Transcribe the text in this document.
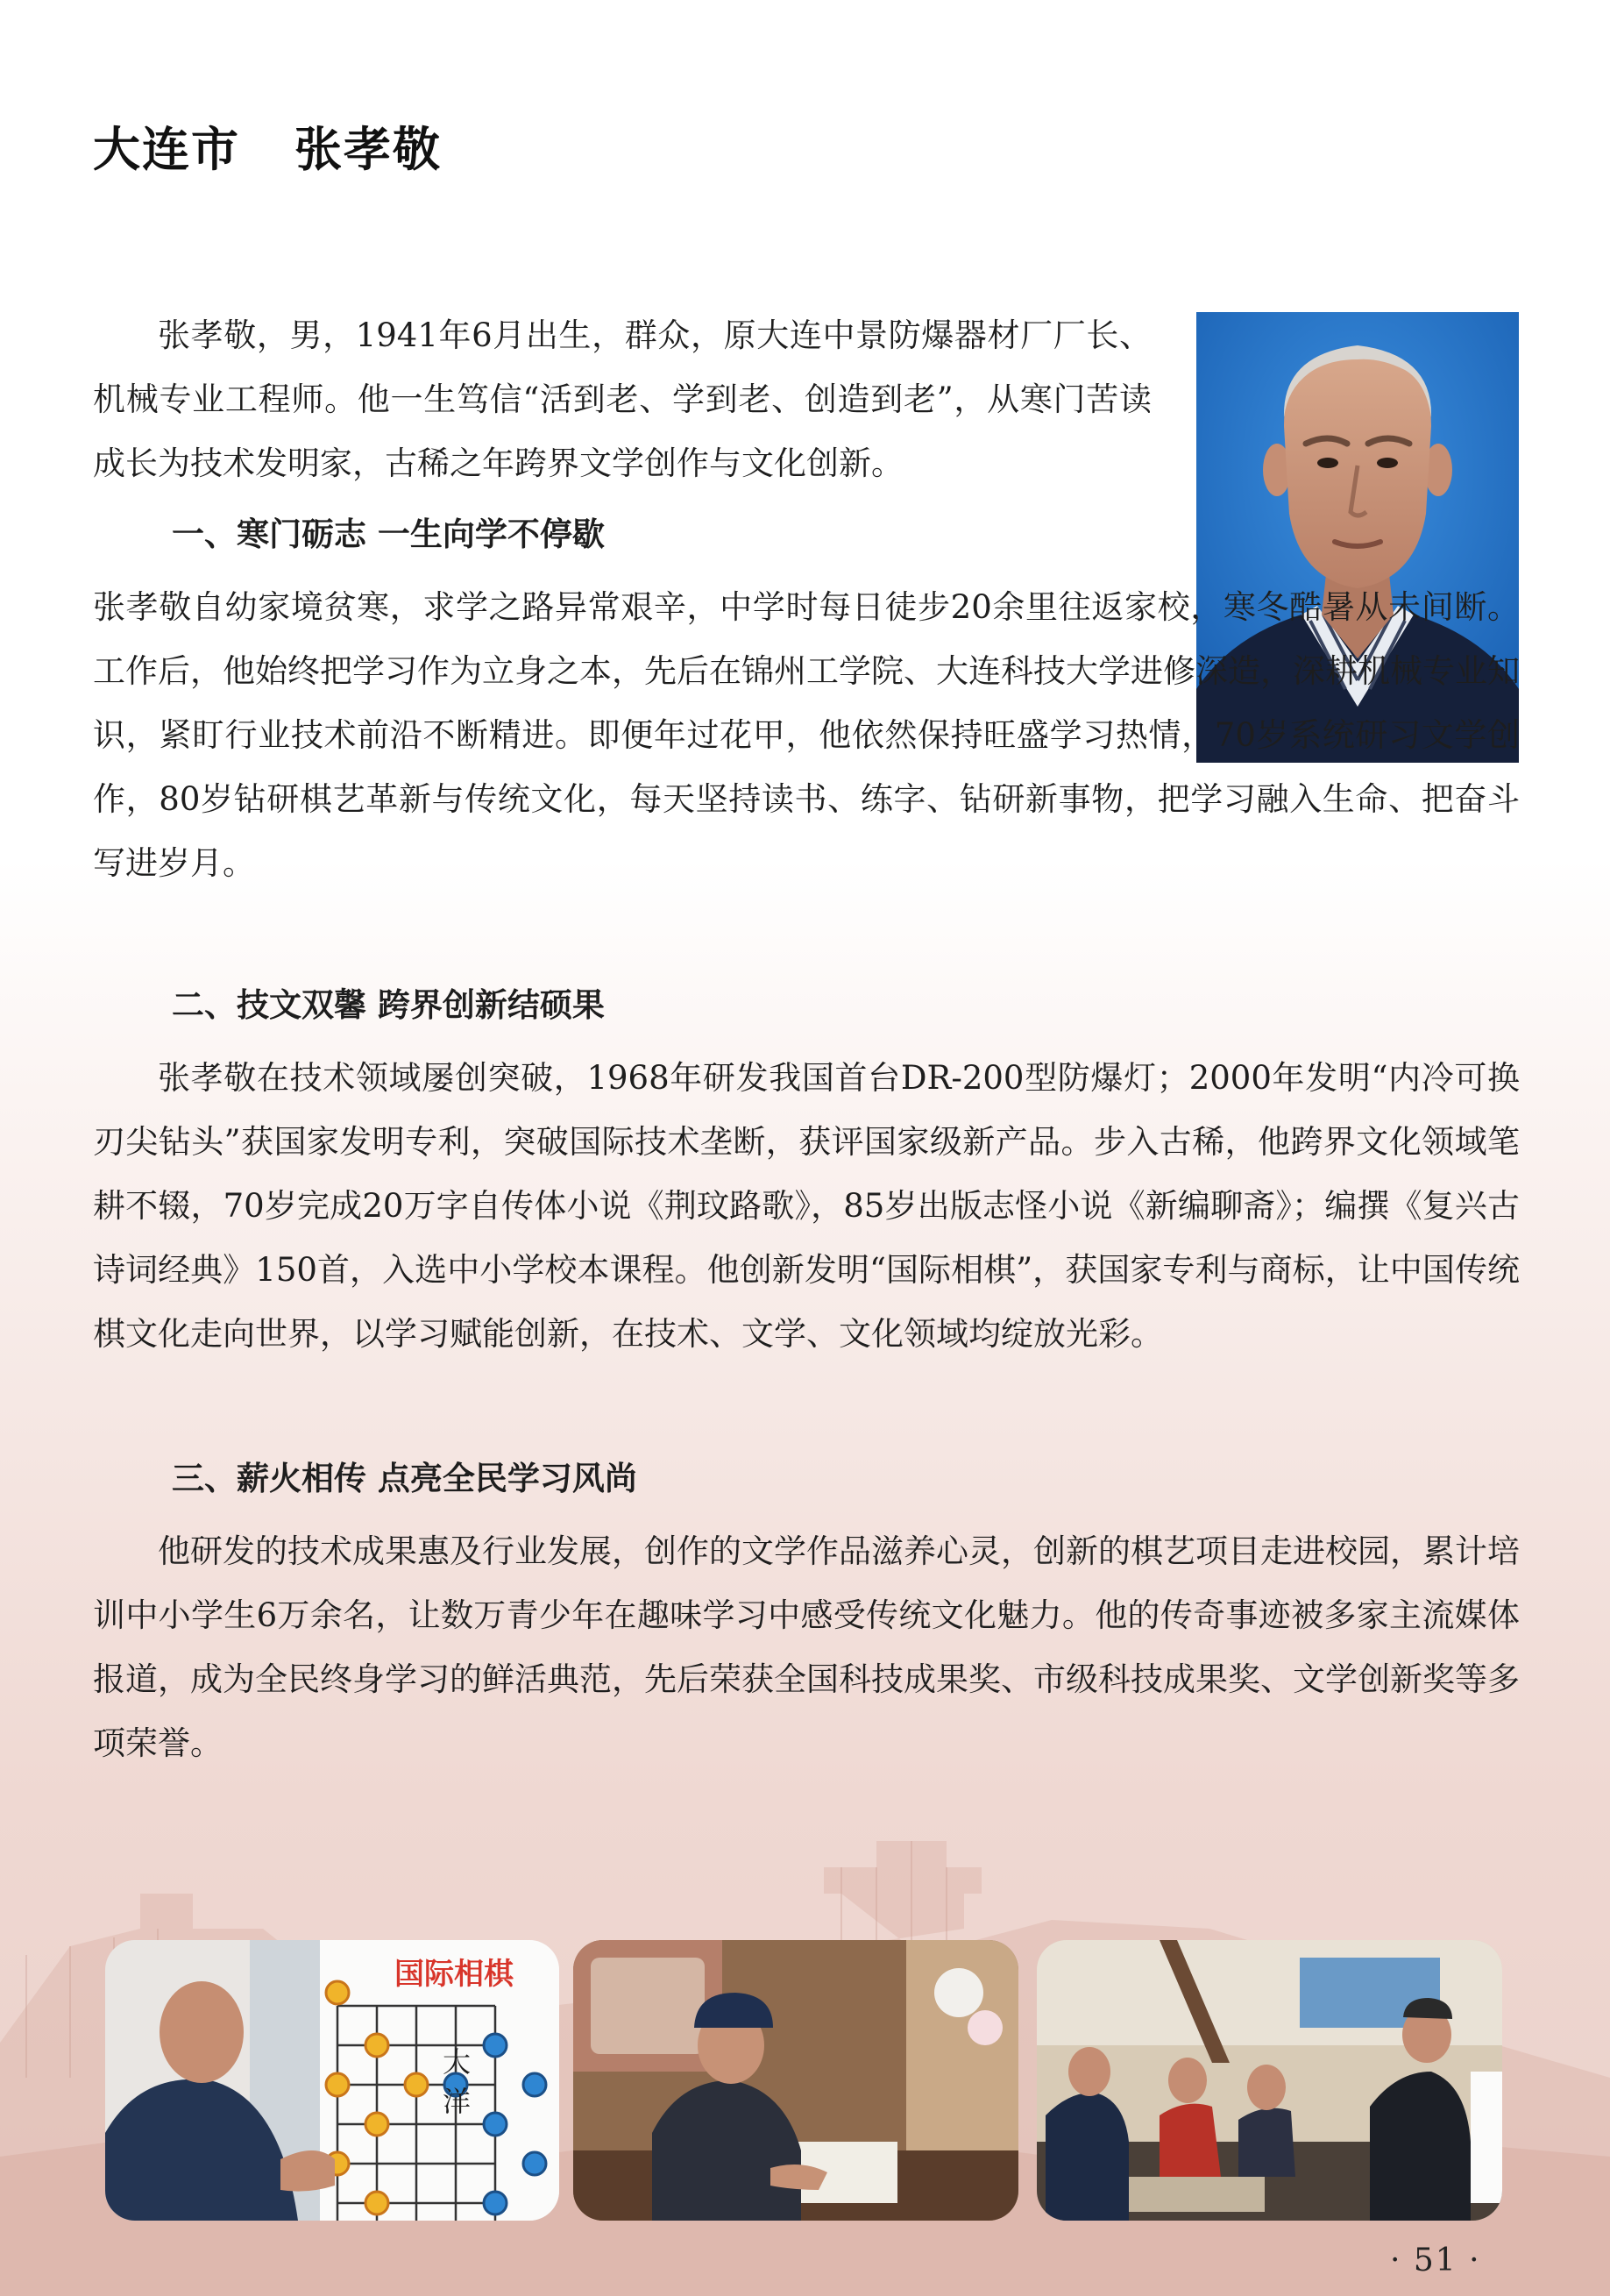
大连市 张孝敬

张孝敬，男，1941年6月出生，群众，原大连中景防爆器材厂厂长、机械专业工程师。他一生笃信“活到老、学到老、创造到老”，从寒门苦读成长为技术发明家，古稀之年跨界文学创作与文化创新。

一、寒门砺志 一生向学不停歇

张孝敬自幼家境贫寒，求学之路异常艰辛，中学时每日徒步20余里往返家校，寒冬酷暑从未间断。工作后，他始终把学习作为立身之本，先后在锦州工学院、大连科技大学进修深造，深耕机械专业知识，紧盯行业技术前沿不断精进。即便年过花甲，他依然保持旺盛学习热情，70岁系统研习文学创作，80岁钻研棋艺革新与传统文化，每天坚持读书、练字、钻研新事物，把学习融入生命、把奋斗写进岁月。

二、技文双馨 跨界创新结硕果

张孝敬在技术领域屡创突破，1968年研发我国首台DR-200型防爆灯；2000年发明“内冷可换刃尖钻头”获国家发明专利，突破国际技术垄断，获评国家级新产品。步入古稀，他跨界文化领域笔耕不辍，70岁完成20万字自传体小说《荆玟路歌》，85岁出版志怪小说《新编聊斋》；编撰《复兴古诗词经典》150首，入选中小学校本课程。他创新发明“国际相棋”，获国家专利与商标，让中国传统棋文化走向世界，以学习赋能创新，在技术、文学、文化领域均绽放光彩。

三、薪火相传 点亮全民学习风尚

他研发的技术成果惠及行业发展，创作的文学作品滋养心灵，创新的棋艺项目走进校园，累计培训中小学生6万余名，让数万青少年在趣味学习中感受传统文化魅力。他的传奇事迹被多家主流媒体报道，成为全民终身学习的鲜活典范，先后荣获全国科技成果奖、市级科技成果奖、文学创新奖等多项荣誉。

国际相棋
大
洋
· 51 ·
